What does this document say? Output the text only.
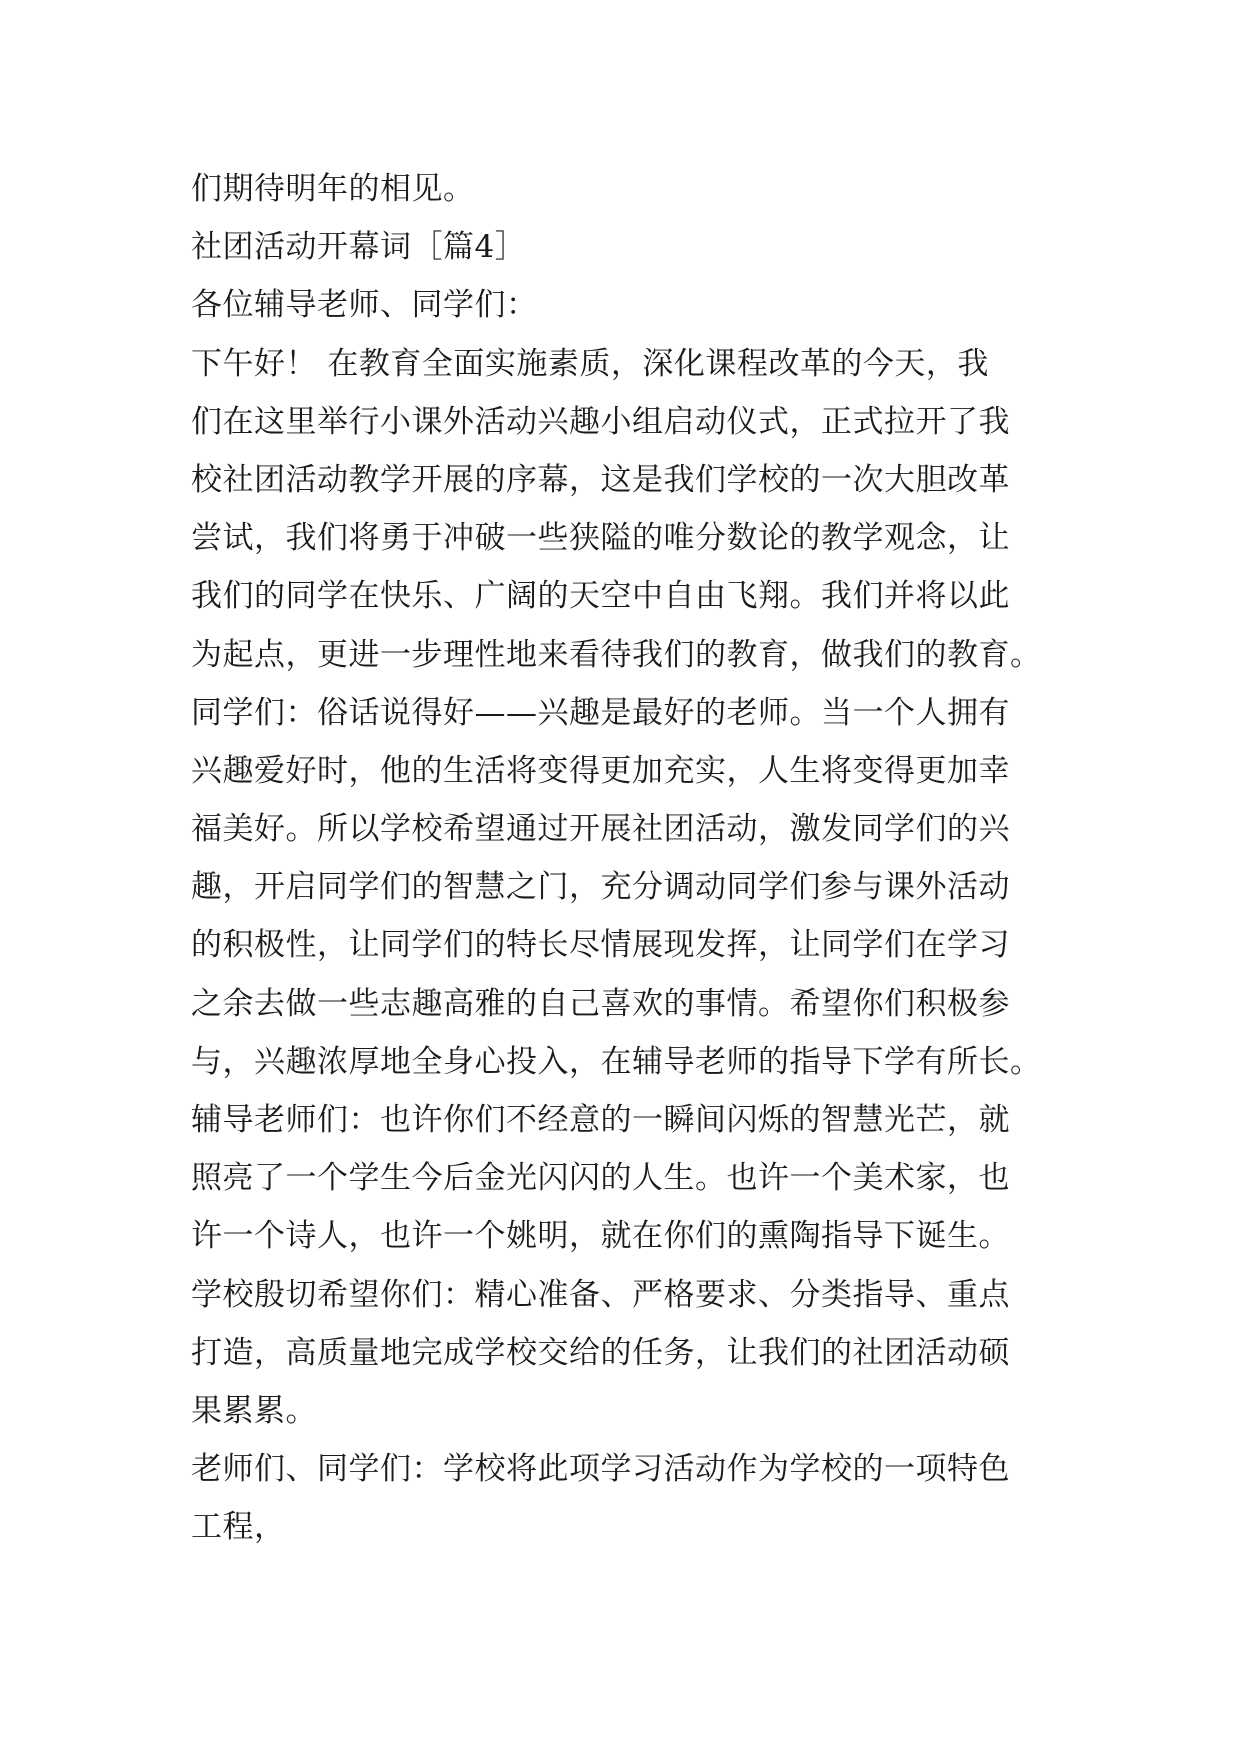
们期待明年的相见。
社团活动开幕词［篇4］
各位辅导老师、同学们：
下午好！ 在教育全面实施素质，深化课程改革的今天，我
们在这里举行小课外活动兴趣小组启动仪式，正式拉开了我
校社团活动教学开展的序幕，这是我们学校的一次大胆改革
尝试，我们将勇于冲破一些狭隘的唯分数论的教学观念，让
我们的同学在快乐、广阔的天空中自由飞翔。我们并将以此
为起点，更进一步理性地来看待我们的教育，做我们的教育。
同学们：俗话说得好——兴趣是最好的老师。当一个人拥有
兴趣爱好时，他的生活将变得更加充实，人生将变得更加幸
福美好。所以学校希望通过开展社团活动，激发同学们的兴
趣，开启同学们的智慧之门，充分调动同学们参与课外活动
的积极性，让同学们的特长尽情展现发挥，让同学们在学习
之余去做一些志趣高雅的自己喜欢的事情。希望你们积极参
与，兴趣浓厚地全身心投入，在辅导老师的指导下学有所长。
辅导老师们：也许你们不经意的一瞬间闪烁的智慧光芒，就
照亮了一个学生今后金光闪闪的人生。也许一个美术家，也
许一个诗人，也许一个姚明，就在你们的熏陶指导下诞生。
学校殷切希望你们：精心准备、严格要求、分类指导、重点
打造，高质量地完成学校交给的任务，让我们的社团活动硕
果累累。
老师们、同学们：学校将此项学习活动作为学校的一项特色
工程，
